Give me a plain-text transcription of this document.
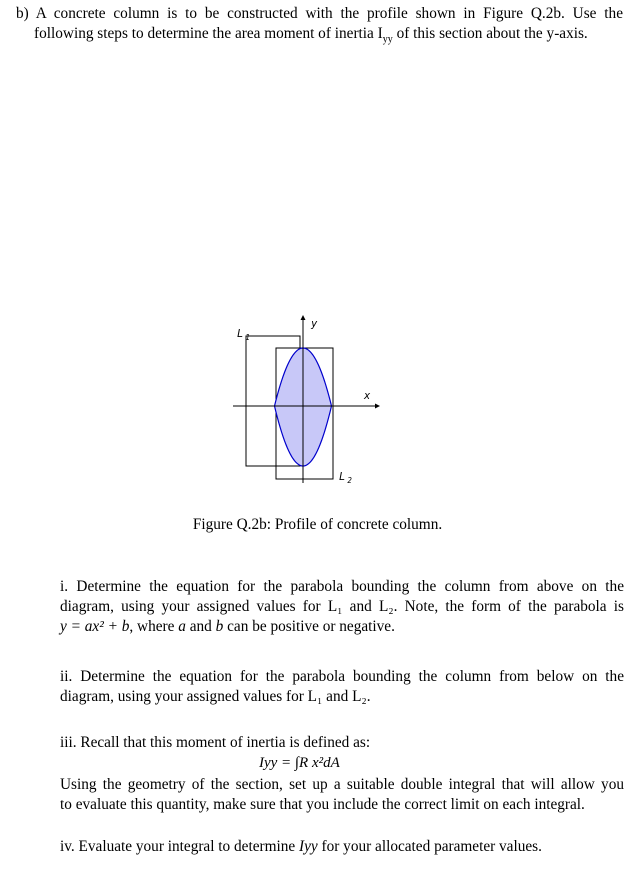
b) A concrete column is to be constructed with the profile shown in Figure Q.2b. Use the
following steps to determine the area moment of inertia $I_{yy}$ of this section about the y-axis.
L $_1$
y
x
L $_2$
Figure Q.2b: Profile of concrete column.
i. Determine the equation for the parabola bounding the column from above on the
diagram, using your assigned values for L₁ and L₂. Note, the form of the parabola is
y = ax² + b, where a and b can be positive or negative.
ii. Determine the equation for the parabola bounding the column from below on the
diagram, using your assigned values for L₁ and L₂.
iii. Recall that this moment of inertia is defined as:
Using the geometry of the section, set up a suitable double integral that will allow you
to evaluate this quantity, make sure that you include the correct limit on each integral.
Iyy = ∫R x²dA
iv. Evaluate your integral to determine Iyy for your allocated parameter values.
